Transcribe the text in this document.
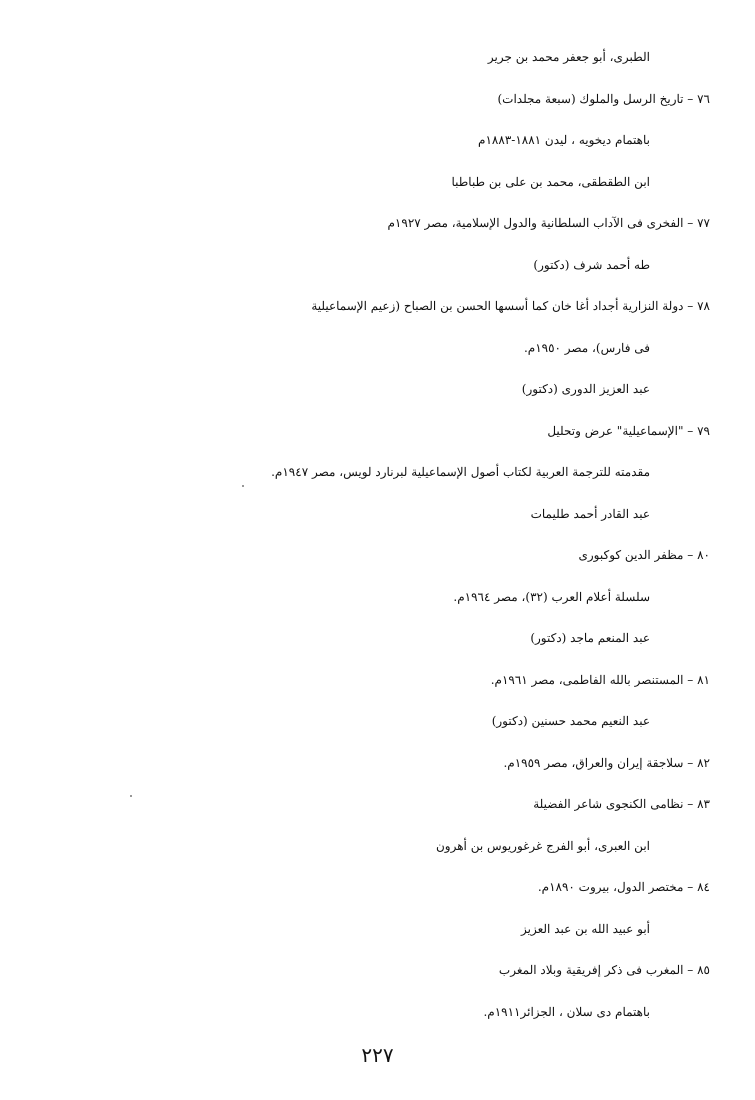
الطبرى، أبو جعفر محمد بن جرير
٧٦ – تاريخ الرسل والملوك (سبعة مجلدات)
باهتمام ديخويه ، ليدن ١٨٨١-١٨٨٣م
ابن الطقطقى، محمد بن على بن طباطبا
٧٧ – الفخرى فى الآداب السلطانية والدول الإسلامية، مصر ١٩٢٧م
طه أحمد شرف (دكتور)
٧٨ – دولة النزارية أجداد أغا خان كما أسسها الحسن بن الصباح (زعيم الإسماعيلية
فى فارس)، مصر ١٩٥٠م.
عبد العزيز الدورى (دكتور)
٧٩ – "الإسماعيلية" عرض وتحليل
مقدمته للترجمة العربية لكتاب أصول الإسماعيلية لبرنارد لويس، مصر ١٩٤٧م.
عبد القادر أحمد طليمات
٨٠ – مظفر الدين كوكبورى
سلسلة أعلام العرب (٣٢)، مصر ١٩٦٤م.
عبد المنعم ماجد (دكتور)
٨١ – المستنصر بالله الفاطمى، مصر ١٩٦١م.
عبد النعيم محمد حسنين (دكتور)
٨٢ – سلاجقة إيران والعراق، مصر ١٩٥٩م.
٨٣ – نظامى الكنجوى شاعر الفضيلة
ابن العبرى، أبو الفرج غرغوريوس بن أهرون
٨٤ – مختصر الدول، بيروت ١٨٩٠م.
أبو عبيد الله بن عبد العزيز
٨٥ – المغرب فى ذكر إفريقية وبلاد المغرب
باهتمام دى سلان ، الجزائر١٩١١م.
٢٢٧
